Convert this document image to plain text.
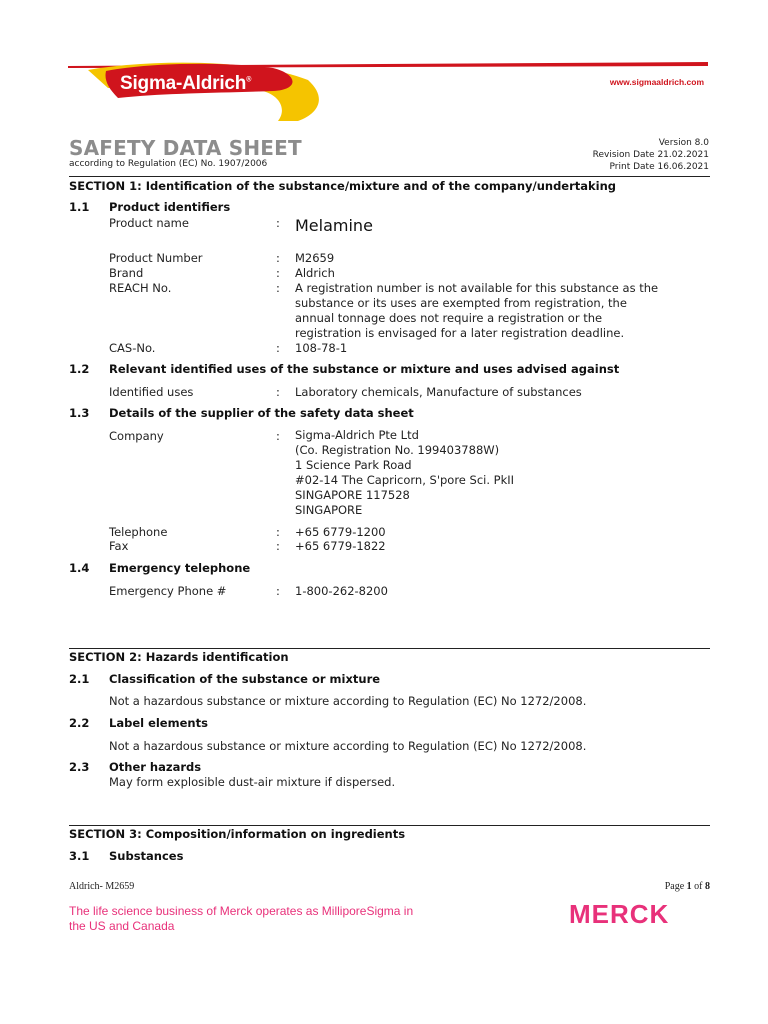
Sigma-Aldrich®	www.sigmaaldrich.com
SAFETY DATA SHEET
according to Regulation (EC) No. 1907/2006
Version 8.0
Revision Date 21.02.2021
Print Date 16.06.2021
SECTION 1: Identification of the substance/mixture and of the company/undertaking
1.1 Product identifiers
Product name	: Melamine
Product Number	: M2659
Brand	: Aldrich
REACH No.	: A registration number is not available for this substance as the
substance or its uses are exempted from registration, the
annual tonnage does not require a registration or the
registration is envisaged for a later registration deadline.
CAS-No.	: 108-78-1
1.2 Relevant identified uses of the substance or mixture and uses advised against
Identified uses	: Laboratory chemicals, Manufacture of substances
1.3 Details of the supplier of the safety data sheet
Company	: Sigma-Aldrich Pte Ltd
(Co. Registration No. 199403788W)
1 Science Park Road
#02-14 The Capricorn, S'pore Sci. PkII
SINGAPORE 117528
SINGAPORE
Telephone	: +65 6779-1200
Fax	: +65 6779-1822
1.4 Emergency telephone
Emergency Phone #	: 1-800-262-8200
SECTION 2: Hazards identification
2.1 Classification of the substance or mixture
Not a hazardous substance or mixture according to Regulation (EC) No 1272/2008.
2.2 Label elements
Not a hazardous substance or mixture according to Regulation (EC) No 1272/2008.
2.3 Other hazards
May form explosible dust-air mixture if dispersed.
SECTION 3: Composition/information on ingredients
3.1 Substances
Aldrich- M2659	Page 1 of 8
The life science business of Merck operates as MilliporeSigma in
the US and Canada	MERCK
